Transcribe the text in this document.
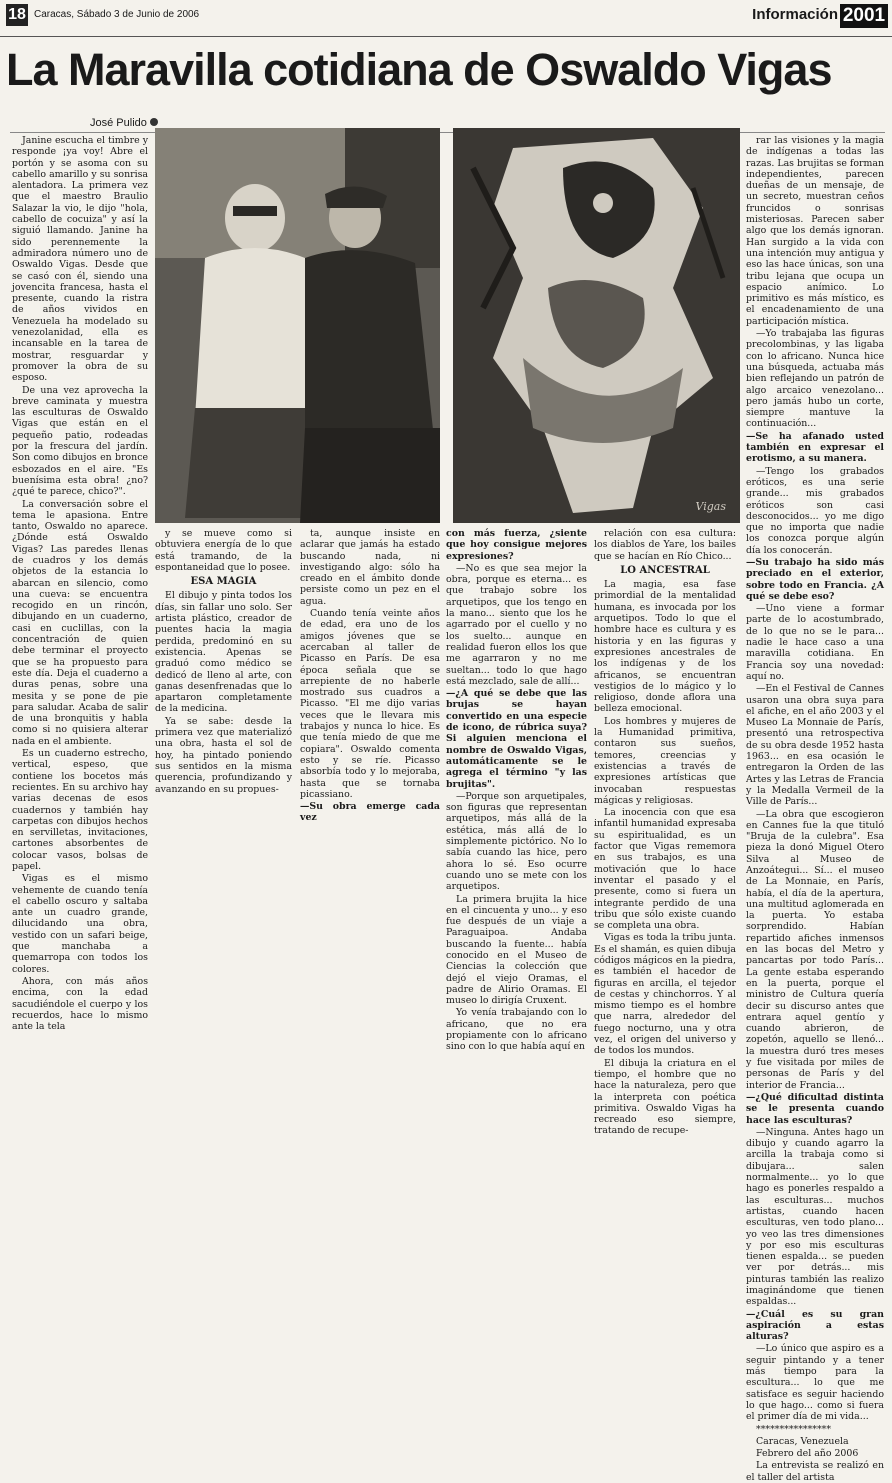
18 Caracas, Sábado 3 de Junio de 2006	Información 2001
La Maravilla cotidiana de Oswaldo Vigas
José Pulido
Vigas

Janine escucha el timbre y responde ¡ya voy! Abre el portón y se asoma con su cabello amarillo y su sonrisa alentadora. La primera vez que el maestro Braulio Salazar la vio, le dijo "hola, cabello de cocuiza" y así la siguió llamando. Janine ha sido perennemente la admiradora número uno de Oswaldo Vigas. Desde que se casó con él, siendo una jovencita francesa, hasta el presente, cuando la ristra de años vividos en Venezuela ha modelado su venezolanidad, ella es incansable en la tarea de mostrar, resguardar y promover la obra de su esposo.

De una vez aprovecha la breve caminata y muestra las esculturas de Oswaldo Vigas que están en el pequeño patio, rodeadas por la frescura del jardín. Son como dibujos en bronce esbozados en el aire. "Es buenísima esta obra! ¿no? ¿qué te parece, chico?".

La conversación sobre el tema le apasiona. Entre tanto, Oswaldo no aparece. ¿Dónde está Oswaldo Vigas? Las paredes llenas de cuadros y los demás objetos de la estancia lo abarcan en silencio, como una cueva: se encuentra recogido en un rincón, dibujando en un cuaderno, casi en cuclillas, con la concentración de quien debe terminar el proyecto que se ha propuesto para este día. Deja el cuaderno a duras penas, sobre una mesita y se pone de pie para saludar. Acaba de salir de una bronquitis y habla como si no quisiera alterar nada en el ambiente.

Es un cuaderno estrecho, vertical, espeso, que contiene los bocetos más recientes. En su archivo hay varias decenas de esos cuadernos y también hay carpetas con dibujos hechos en servilletas, invitaciones, cartones absorbentes de colocar vasos, bolsas de papel.

Vigas es el mismo vehemente de cuando tenía el cabello oscuro y saltaba ante un cuadro grande, dilucidando una obra, vestido con un safari beige, que manchaba a quemarropa con todos los colores.

Ahora, con más años encima, con la edad sacudiéndole el cuerpo y los recuerdos, hace lo mismo ante la tela

y se mueve como si obtuviera energía de lo que está tramando, de la espontaneidad que lo posee.

ESA MAGIA

El dibujo y pinta todos los días, sin fallar uno solo. Ser artista plástico, creador de puentes hacia la magia perdida, predominó en su existencia. Apenas se graduó como médico se dedicó de lleno al arte, con ganas desenfrenadas que lo apartaron completamente de la medicina.

Ya se sabe: desde la primera vez que materializó una obra, hasta el sol de hoy, ha pintado poniendo sus sentidos en la misma querencia, profundizando y avanzando en su propues-

ta, aunque insiste en aclarar que jamás ha estado buscando nada, ni investigando algo: sólo ha creado en el ámbito donde persiste como un pez en el agua.

Cuando tenía veinte años de edad, era uno de los amigos jóvenes que se acercaban al taller de Picasso en París. De esa época señala que se arrepiente de no haberle mostrado sus cuadros a Picasso. "El me dijo varias veces que le llevara mis trabajos y nunca lo hice. Es que tenía miedo de que me copiara". Oswaldo comenta esto y se ríe. Picasso absorbía todo y lo mejoraba, hasta que se tornaba picassiano.

—Su obra emerge cada vez

con más fuerza, ¿siente que hoy consigue mejores expresiones?

—No es que sea mejor la obra, porque es eterna... es que trabajo sobre los arquetipos, que los tengo en la mano... siento que los he agarrado por el cuello y no los suelto... aunque en realidad fueron ellos los que me agarraron y no me sueltan... todo lo que hago está mezclado, sale de allí...

—¿A qué se debe que las brujas se hayan convertido en una especie de icono, de rúbrica suya? Si alguien menciona el nombre de Oswaldo Vigas, automáticamente se le agrega el término "y las brujitas".

—Porque son arquetipales, son figuras que representan arquetipos, más allá de la estética, más allá de lo simplemente pictórico. No lo sabía cuando las hice, pero ahora lo sé. Eso ocurre cuando uno se mete con los arquetipos.

La primera brujita la hice en el cincuenta y uno... y eso fue después de un viaje a Paraguaipoa. Andaba buscando la fuente... había conocido en el Museo de Ciencias la colección que dejó el viejo Oramas, el padre de Alirio Oramas. El museo lo dirigía Cruxent.

Yo venía trabajando con lo africano, que no era propiamente con lo africano sino con lo que había aquí en

relación con esa cultura: los diablos de Yare, los bailes que se hacían en Río Chico...

LO ANCESTRAL

La magia, esa fase primordial de la mentalidad humana, es invocada por los arquetipos. Todo lo que el hombre hace es cultura y es historia y en las figuras y expresiones ancestrales de los indígenas y de los africanos, se encuentran vestigios de lo mágico y lo religioso, donde aflora una belleza emocional.

Los hombres y mujeres de la Humanidad primitiva, contaron sus sueños, temores, creencias y existencias a través de expresiones artísticas que invocaban respuestas mágicas y religiosas.

La inocencia con que esa infantil humanidad expresaba su espiritualidad, es un factor que Vigas rememora en sus trabajos, es una motivación que lo hace inventar el pasado y el presente, como si fuera un integrante perdido de una tribu que sólo existe cuando se completa una obra.

Vigas es toda la tribu junta. Es el shamán, es quien dibuja códigos mágicos en la piedra, es también el hacedor de figuras en arcilla, el tejedor de cestas y chinchorros. Y al mismo tiempo es el hombre que narra, alrededor del fuego nocturno, una y otra vez, el origen del universo y de todos los mundos.

El dibuja la criatura en el tiempo, el hombre que no hace la naturaleza, pero que la interpreta con poética primitiva. Oswaldo Vigas ha recreado eso siempre, tratando de recupe-

rar las visiones y la magia de indígenas a todas las razas. Las brujitas se forman independientes, parecen dueñas de un mensaje, de un secreto, muestran ceños fruncidos o sonrisas misteriosas. Parecen saber algo que los demás ignoran. Han surgido a la vida con una intención muy antigua y eso las hace únicas, son una tribu lejana que ocupa un espacio anímico. Lo primitivo es más místico, es el encadenamiento de una participación mística.

—Yo trabajaba las figuras precolombinas, y las ligaba con lo africano. Nunca hice una búsqueda, actuaba más bien reflejando un patrón de algo arcaico venezolano... pero jamás hubo un corte, siempre mantuve la continuación...

—Se ha afanado usted también en expresar el erotismo, a su manera.

—Tengo los grabados eróticos, es una serie grande... mis grabados eróticos son casi desconocidos... yo me digo que no importa que nadie los conozca porque algún día los conocerán.

—Su trabajo ha sido más preciado en el exterior, sobre todo en Francia. ¿A qué se debe eso?

—Uno viene a formar parte de lo acostumbrado, de lo que no se le para... nadie le hace caso a una maravilla cotidiana. En Francia soy una novedad: aquí no.

—En el Festival de Cannes usaron una obra suya para el afiche, en el año 2003 y el Museo La Monnaie de París, presentó una retrospectiva de su obra desde 1952 hasta 1963... en esa ocasión le entregaron la Orden de las Artes y las Letras de Francia y la Medalla Vermeil de la Ville de París...

—La obra que escogieron en Cannes fue la que tituló "Bruja de la culebra". Esa pieza la donó Miguel Otero Silva al Museo de Anzoátegui... Sí... el museo de La Monnaie, en París, había, el día de la apertura, una multitud aglomerada en la puerta. Yo estaba sorprendido. Habían repartido afiches inmensos en las bocas del Metro y pancartas por todo París... La gente estaba esperando en la puerta, porque el ministro de Cultura quería decir su discurso antes que entrara aquel gentío y cuando abrieron, de zopetón, aquello se llenó... la muestra duró tres meses y fue visitada por miles de personas de París y del interior de Francia...

—¿Qué dificultad distinta se le presenta cuando hace las esculturas?

—Ninguna. Antes hago un dibujo y cuando agarro la arcilla la trabaja como si dibujara... salen normalmente... yo lo que hago es ponerles respaldo a las esculturas... muchos artistas, cuando hacen esculturas, ven todo plano... yo veo las tres dimensiones y por eso mis esculturas tienen espalda... se pueden ver por detrás... mis pinturas también las realizo imaginándome que tienen espaldas...

—¿Cuál es su gran aspiración a estas alturas?

—Lo único que aspiro es a seguir pintando y a tener más tiempo para la escultura... lo que me satisface es seguir haciendo lo que hago... como si fuera el primer día de mi vida...

****************

Caracas, Venezuela

Febrero del año 2006

La entrevista se realizó en el taller del artista
